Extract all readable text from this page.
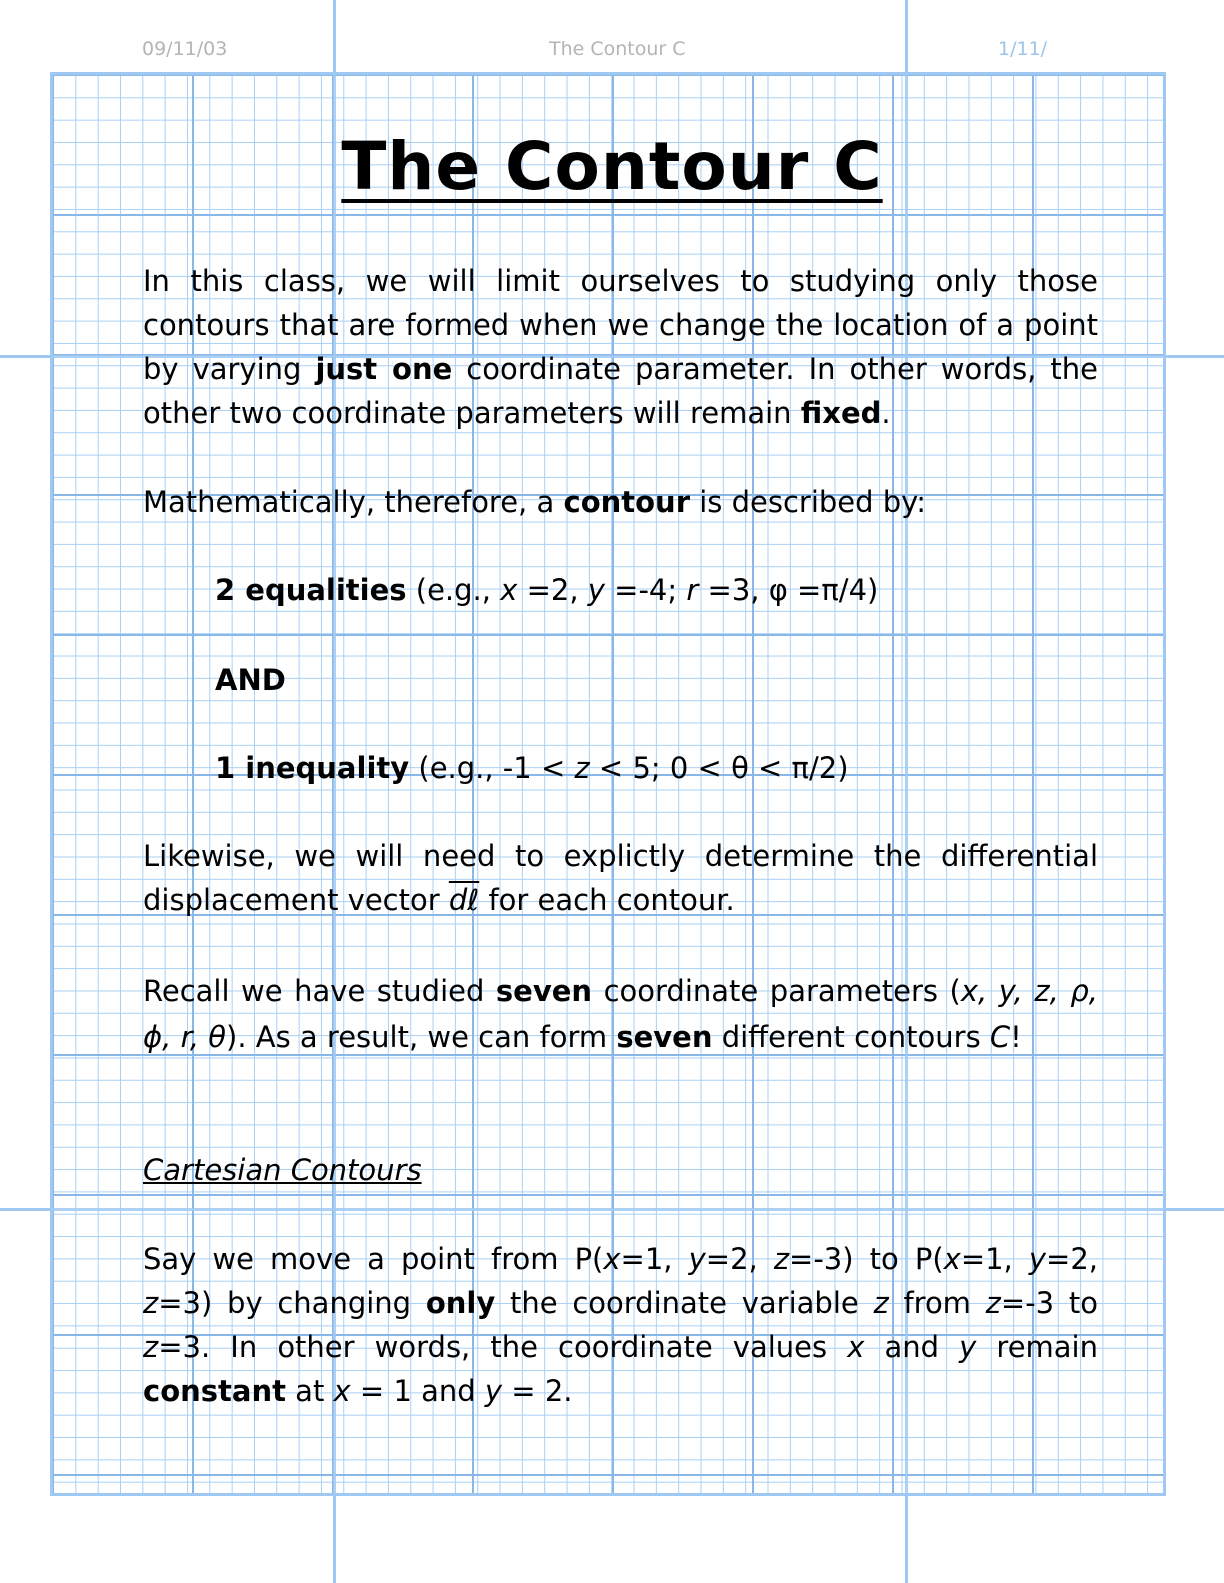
09/11/03	The Contour C	1/11/
The Contour C
In this class, we will limit ourselves to studying only those contours that are formed when we change the location of a point by varying just one coordinate parameter. In other words, the other two coordinate parameters will remain fixed.
Mathematically, therefore, a contour is described by:
2 equalities (e.g., x =2, y =-4; r =3, φ =π/4)
AND
1 inequality (e.g., -1 < z < 5; 0 < θ < π/2)
Likewise, we will need to explictly determine the differential displacement vector dℓ for each contour.
Recall we have studied seven coordinate parameters (x, y, z, ρ, ϕ, r, θ). As a result, we can form seven different contours C!
Cartesian Contours
Say we move a point from P(x=1, y=2, z=-3) to P(x=1, y=2, z=3) by changing only the coordinate variable z from z=-3 to z=3. In other words, the coordinate values x and y remain constant at x = 1 and y = 2.
